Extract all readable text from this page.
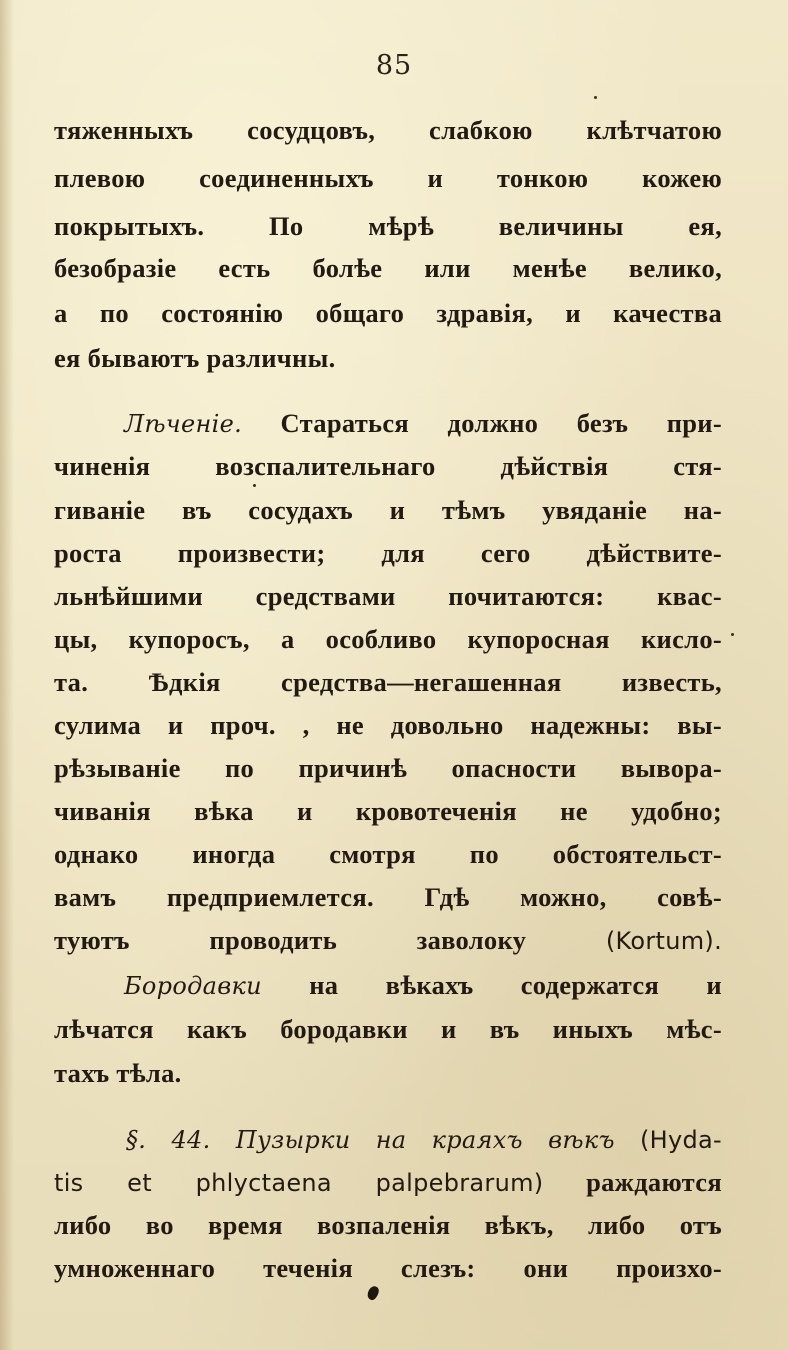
85
тяженныхъ сосудцовъ, слабкою клѣтчатою
плевою соединенныхъ и тонкою кожею
покрытыхъ. По мѣрѣ величины ея,
безобразіе есть болѣе или менѣе велико,
а по состоянію общаго здравія, и качества
ея бываютъ различны.
Лѣченіе. Стараться должно безъ при-
чиненія возспалительнаго дѣйствія стя-
гиваніе въ сосудахъ и тѣмъ увяданіе на-
роста произвести; для сего дѣйствите-
льнѣйшими средствами почитаются: квас-
цы, купоросъ, а особливо купоросная кисло-
та. Ѣдкія средства—негашенная известь,
сулима и проч. , не довольно надежны: вы-
рѣзываніе по причинѣ опасности вывора-
чиванія вѣка и кровотеченія не удобно;
однако иногда смотря по обстоятельст-
вамъ предприемлется. Гдѣ можно, совѣ-
туютъ проводить заволоку (Kortum).
Бородавки на вѣкахъ содержатся и
лѣчатся какъ бородавки и въ иныхъ мѣс-
тахъ тѣла.
§. 44. Пузырки на краяхъ вѣкъ (Hyda-
tis et phlyctaena palpebrarum) раждаются
либо во время возпаленія вѣкъ, либо отъ
умноженнаго теченія слезъ: они произхо-
